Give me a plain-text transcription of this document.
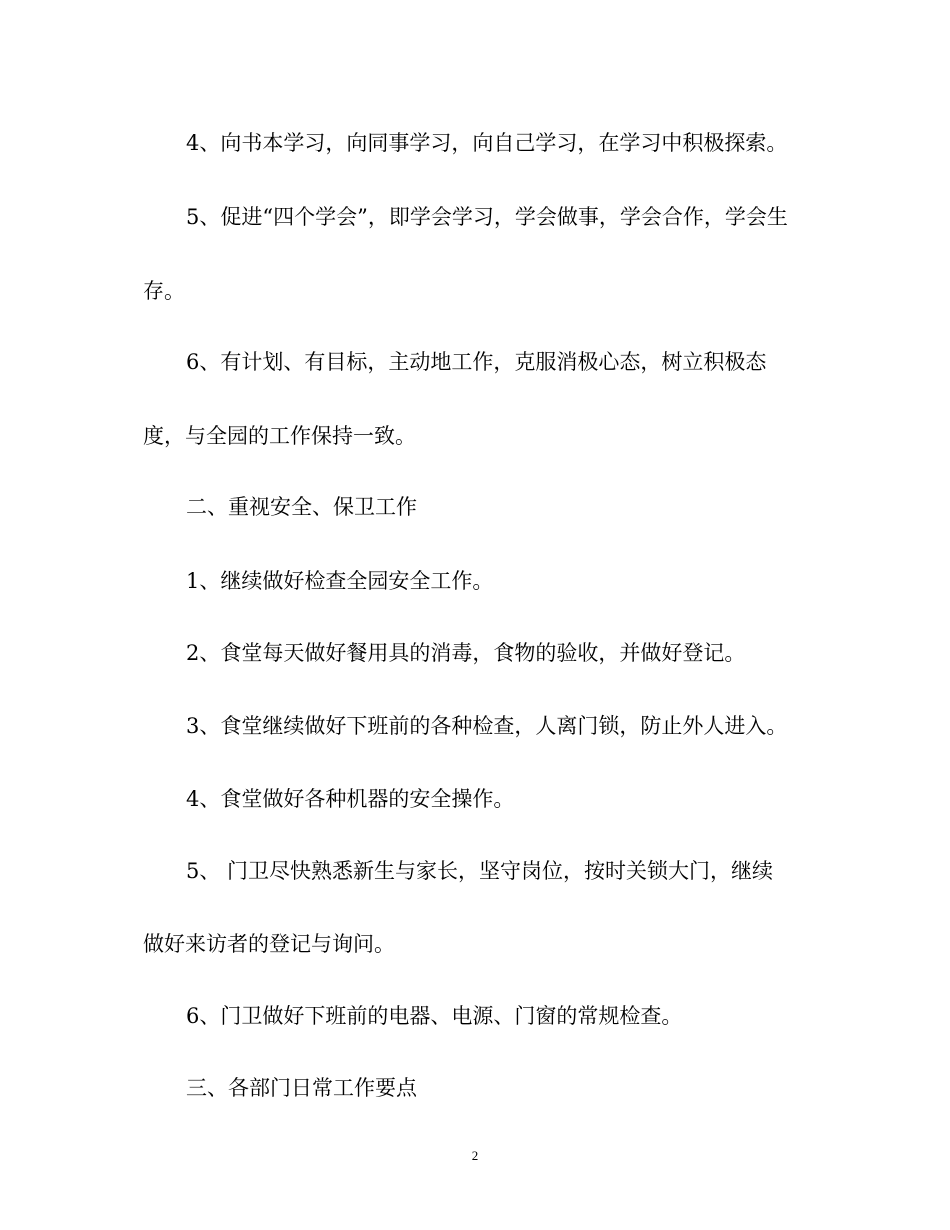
4、向书本学习，向同事学习，向自己学习，在学习中积极探索。
5、促进“四个学会”，即学会学习，学会做事，学会合作，学会生
存。
6、有计划、有目标，主动地工作，克服消极心态，树立积极态
度，与全园的工作保持一致。
二、重视安全、保卫工作
1、继续做好检查全园安全工作。
2、食堂每天做好餐用具的消毒，食物的验收，并做好登记。
3、食堂继续做好下班前的各种检查，人离门锁，防止外人进入。
4、食堂做好各种机器的安全操作。
5、 门卫尽快熟悉新生与家长，坚守岗位，按时关锁大门，继续
做好来访者的登记与询问。
6、门卫做好下班前的电器、电源、门窗的常规检查。
三、各部门日常工作要点
2
